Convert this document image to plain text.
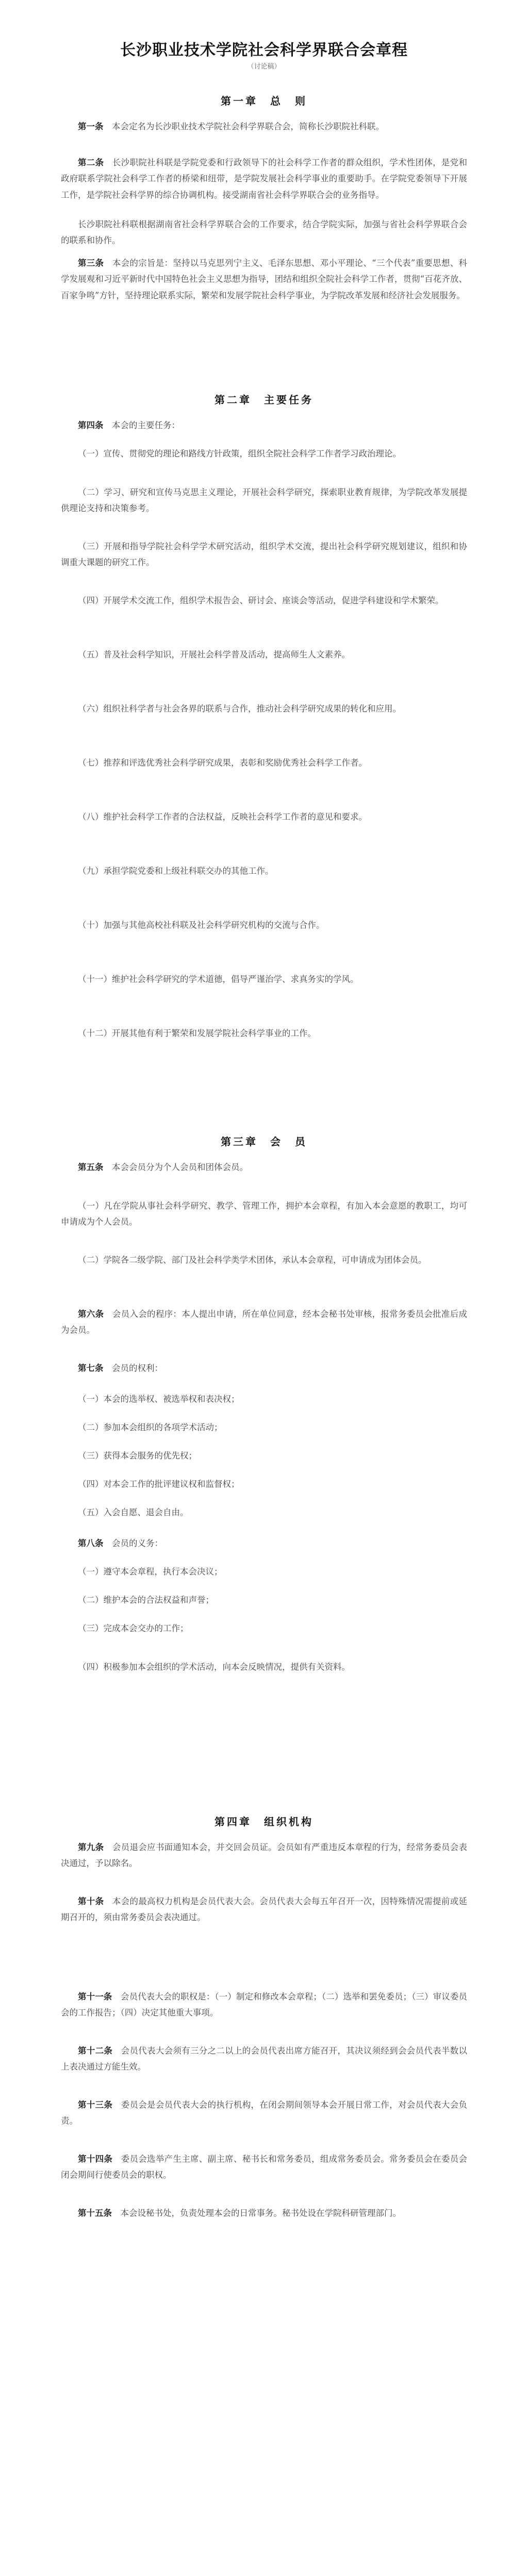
长沙职业技术学院社会科学界联合会章程
（讨论稿）
第一章　总　则
第一条 本会定名为长沙职业技术学院社会科学界联合会，简称长沙职院社科联。
第二条 长沙职院社科联是学院党委和行政领导下的社会科学工作者的群众组织，学术性团体，是党和政府联系学院社会科学工作者的桥梁和纽带，是学院发展社会科学事业的重要助手。在学院党委领导下开展工作，是学院社会科学界的综合协调机构。接受湖南省社会科学界联合会的业务指导。
长沙职院社科联根据湖南省社会科学界联合会的工作要求，结合学院实际，加强与省社会科学界联合会的联系和协作。
第三条 本会的宗旨是：坚持以马克思列宁主义、毛泽东思想、邓小平理论、“三个代表”重要思想、科学发展观和习近平新时代中国特色社会主义思想为指导，团结和组织全院社会科学工作者，贯彻“百花齐放、百家争鸣”方针，坚持理论联系实际，繁荣和发展学院社会科学事业，为学院改革发展和经济社会发展服务。
第二章　主要任务
第四条 本会的主要任务：
（一）宣传、贯彻党的理论和路线方针政策，组织全院社会科学工作者学习政治理论。
（二）学习、研究和宣传马克思主义理论，开展社会科学研究，探索职业教育规律，为学院改革发展提供理论支持和决策参考。
（三）开展和指导学院社会科学学术研究活动，组织学术交流，提出社会科学研究规划建议，组织和协调重大课题的研究工作。
（四）开展学术交流工作，组织学术报告会、研讨会、座谈会等活动，促进学科建设和学术繁荣。
（五）普及社会科学知识，开展社会科学普及活动，提高师生人文素养。
（六）组织社科学者与社会各界的联系与合作，推动社会科学研究成果的转化和应用。
（七）推荐和评选优秀社会科学研究成果，表彰和奖励优秀社会科学工作者。
（八）维护社会科学工作者的合法权益，反映社会科学工作者的意见和要求。
（九）承担学院党委和上级社科联交办的其他工作。
（十）加强与其他高校社科联及社会科学研究机构的交流与合作。
（十一）维护社会科学研究的学术道德，倡导严谨治学、求真务实的学风。
（十二）开展其他有利于繁荣和发展学院社会科学事业的工作。
第三章　会　员
第五条 本会会员分为个人会员和团体会员。
（一）凡在学院从事社会科学研究、教学、管理工作，拥护本会章程，有加入本会意愿的教职工，均可申请成为个人会员。
（二）学院各二级学院、部门及社会科学类学术团体，承认本会章程，可申请成为团体会员。
第六条 会员入会的程序：本人提出申请，所在单位同意，经本会秘书处审核，报常务委员会批准后成为会员。
第七条 会员的权利：
（一）本会的选举权、被选举权和表决权；
（二）参加本会组织的各项学术活动；
（三）获得本会服务的优先权；
（四）对本会工作的批评建议权和监督权；
（五）入会自愿、退会自由。
第八条 会员的义务：
（一）遵守本会章程，执行本会决议；
（二）维护本会的合法权益和声誉；
（三）完成本会交办的工作；
（四）积极参加本会组织的学术活动，向本会反映情况，提供有关资料。
第四章　组织机构
第九条 会员退会应书面通知本会，并交回会员证。会员如有严重违反本章程的行为，经常务委员会表决通过，予以除名。
第十条 本会的最高权力机构是会员代表大会。会员代表大会每五年召开一次，因特殊情况需提前或延期召开的，须由常务委员会表决通过。
第十一条 会员代表大会的职权是：（一）制定和修改本会章程；（二）选举和罢免委员；（三）审议委员会的工作报告；（四）决定其他重大事项。
第十二条 会员代表大会须有三分之二以上的会员代表出席方能召开，其决议须经到会会员代表半数以上表决通过方能生效。
第十三条 委员会是会员代表大会的执行机构，在闭会期间领导本会开展日常工作，对会员代表大会负责。
第十四条 委员会选举产生主席、副主席、秘书长和常务委员，组成常务委员会。常务委员会在委员会闭会期间行使委员会的职权。
第十五条 本会设秘书处，负责处理本会的日常事务。秘书处设在学院科研管理部门。
